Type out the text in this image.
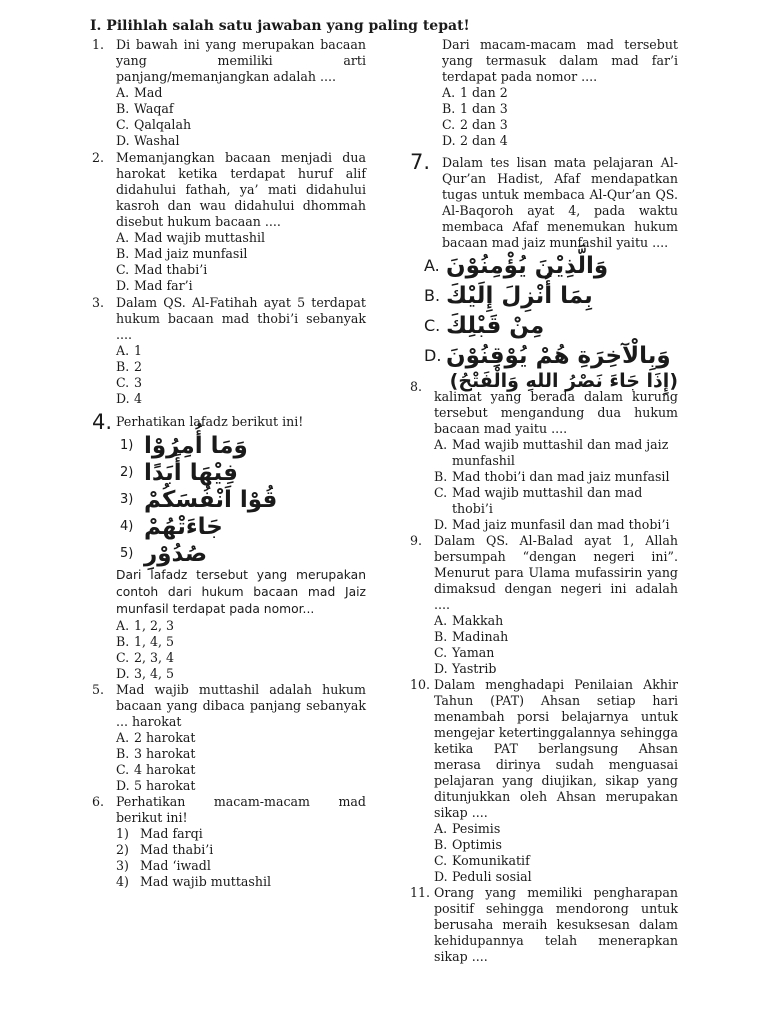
I. Pilihlah salah satu jawaban yang paling tepat!
1. Di bawah ini yang merupakan bacaan yang memiliki arti panjang/memanjangkan adalah ....
A. Mad
B. Waqaf
C. Qalqalah
D. Washal
2. Memanjangkan bacaan menjadi dua harokat ketika terdapat huruf alif didahului fathah, ya’ mati didahului kasroh dan wau didahului dhommah disebut hukum bacaan ....
A. Mad wajib muttashil
B. Mad jaiz munfasil
C. Mad thabi’i
D. Mad far’i
3. Dalam QS. Al-Fatihah ayat 5 terdapat hukum bacaan mad thobi’i sebanyak ....
A. 1
B. 2
C. 3
D. 4
4. Perhatikan lafadz berikut ini!
1) وَمَا أُمِرُوْا
2) فِيْهَا أَبَدًا
3) قُوْا اَنْفُسَكُمْ
4) جَاءَتْهُمْ
5) صُدُوْرِ
Dari lafadz tersebut yang merupakan contoh dari hukum bacaan mad Jaiz munfasil terdapat pada nomor...
A. 1, 2, 3
B. 1, 4, 5
C. 2, 3, 4
D. 3, 4, 5
5. Mad wajib muttashil adalah hukum bacaan yang dibaca panjang sebanyak ... harokat
A. 2 harokat
B. 3 harokat
C. 4 harokat
D. 5 harokat
6. Perhatikan macam-macam mad berikut ini!
1) Mad farqi
2) Mad thabi’i
3) Mad ‘iwadl
4) Mad wajib muttashil
Dari macam-macam mad tersebut yang termasuk dalam mad far’i terdapat pada nomor ....
A. 1 dan 2
B. 1 dan 3
C. 2 dan 3
D. 2 dan 4
7. Dalam tes lisan mata pelajaran Al-Qur’an Hadist, Afaf mendapatkan tugas untuk membaca Al-Qur’an QS. Al-Baqoroh ayat 4, pada waktu membaca Afaf menemukan hukum bacaan mad jaiz munfashil yaitu ....
A. وَالَّذِيْنَ يُؤْمِنُوْنَ
B. بِمَا أُنْزِلَ إِلَيْكَ
C. مِنْ قَبْلِكَ
D. وَبِالْآخِرَةِ هُمْ يُوْقِنُوْنَ
8.	(إِذَا جَاءَ نَصْرُ اللهِ وَالْفَتْحُ)
kalimat yang berada dalam kurung tersebut mengandung dua hukum bacaan mad yaitu ....
A. Mad wajib muttashil dan mad jaiz munfashil
B. Mad thobi’i dan mad jaiz munfasil
C. Mad wajib muttashil dan mad thobi’i
D. Mad jaiz munfasil dan mad thobi’i
9. Dalam QS. Al-Balad ayat 1, Allah bersumpah “dengan negeri ini”. Menurut para Ulama mufassirin yang dimaksud dengan negeri ini adalah ....
A. Makkah
B. Madinah
C. Yaman
D. Yastrib
10. Dalam menghadapi Penilaian Akhir Tahun (PAT) Ahsan setiap hari menambah porsi belajarnya untuk mengejar ketertinggalannya sehingga ketika PAT berlangsung Ahsan merasa dirinya sudah menguasai pelajaran yang diujikan, sikap yang ditunjukkan oleh Ahsan merupakan sikap ....
A. Pesimis
B. Optimis
C. Komunikatif
D. Peduli sosial
11. Orang yang memiliki pengharapan positif sehingga mendorong untuk berusaha meraih kesuksesan dalam kehidupannya telah menerapkan sikap ....
